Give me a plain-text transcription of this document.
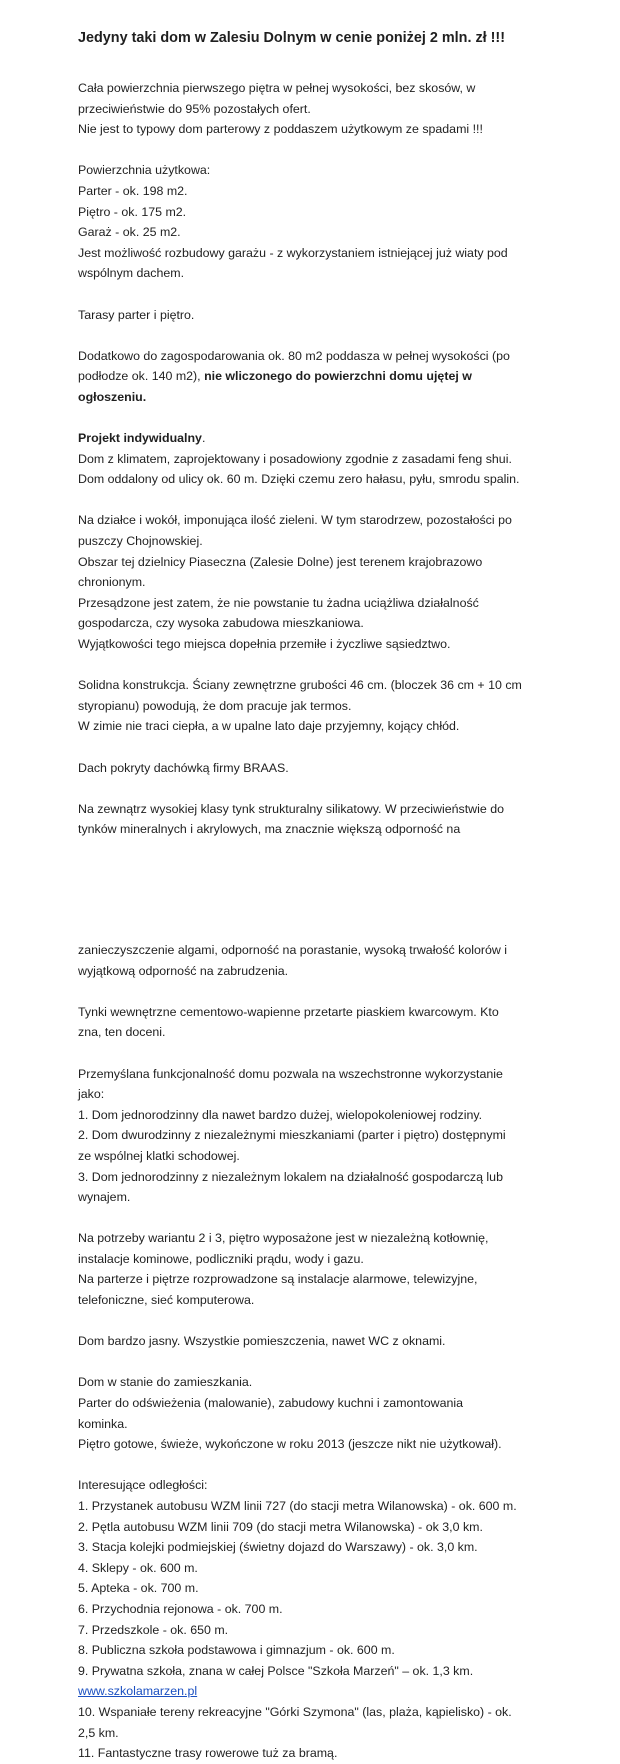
Jedyny taki dom w Zalesiu Dolnym w cenie poniżej 2 mln. zł !!!
Cała powierzchnia pierwszego piętra w pełnej wysokości, bez skosów, w
przeciwieństwie do 95% pozostałych ofert.
Nie jest to typowy dom parterowy z poddaszem użytkowym ze spadami !!!
Powierzchnia użytkowa:
Parter - ok. 198 m2.
Piętro - ok. 175 m2.
Garaż - ok. 25 m2.
Jest możliwość rozbudowy garażu - z wykorzystaniem istniejącej już wiaty pod
wspólnym dachem.
Tarasy parter i piętro.
Dodatkowo do zagospodarowania ok. 80 m2 poddasza w pełnej wysokości (po
podłodze ok. 140 m2), nie wliczonego do powierzchni domu ujętej w
ogłoszeniu.
Projekt indywidualny.
Dom z klimatem, zaprojektowany i posadowiony zgodnie z zasadami feng shui.
Dom oddalony od ulicy ok. 60 m. Dzięki czemu zero hałasu, pyłu, smrodu spalin.
Na działce i wokół, imponująca ilość zieleni. W tym starodrzew, pozostałości po
puszczy Chojnowskiej.
Obszar tej dzielnicy Piaseczna (Zalesie Dolne) jest terenem krajobrazowo
chronionym.
Przesądzone jest zatem, że nie powstanie tu żadna uciążliwa działalność
gospodarcza, czy wysoka zabudowa mieszkaniowa.
Wyjątkowości tego miejsca dopełnia przemiłe i życzliwe sąsiedztwo.
Solidna konstrukcja. Ściany zewnętrzne grubości 46 cm. (bloczek 36 cm + 10 cm
styropianu) powodują, że dom pracuje jak termos.
W zimie nie traci ciepła, a w upalne lato daje przyjemny, kojący chłód.
Dach pokryty dachówką firmy BRAAS.
Na zewnątrz wysokiej klasy tynk strukturalny silikatowy. W przeciwieństwie do
tynków mineralnych i akrylowych, ma znacznie większą odporność na
zanieczyszczenie algami, odporność na porastanie, wysoką trwałość kolorów i
wyjątkową odporność na zabrudzenia.
Tynki wewnętrzne cementowo-wapienne przetarte piaskiem kwarcowym. Kto
zna, ten doceni.
Przemyślana funkcjonalność domu pozwala na wszechstronne wykorzystanie
jako:
1. Dom jednorodzinny dla nawet bardzo dużej, wielopokoleniowej rodziny.
2. Dom dwurodzinny z niezależnymi mieszkaniami (parter i piętro) dostępnymi
ze wspólnej klatki schodowej.
3. Dom jednorodzinny z niezależnym lokalem na działalność gospodarczą lub
wynajem.
Na potrzeby wariantu 2 i 3, piętro wyposażone jest w niezależną kotłownię,
instalacje kominowe, podliczniki prądu, wody i gazu.
Na parterze i piętrze rozprowadzone są instalacje alarmowe, telewizyjne,
telefoniczne, sieć komputerowa.
Dom bardzo jasny. Wszystkie pomieszczenia, nawet WC z oknami.
Dom w stanie do zamieszkania.
Parter do odświeżenia (malowanie), zabudowy kuchni i zamontowania
kominka.
Piętro gotowe, świeże, wykończone w roku 2013 (jeszcze nikt nie użytkował).
Interesujące odległości:
1. Przystanek autobusu WZM linii 727 (do stacji metra Wilanowska) - ok. 600 m.
2. Pętla autobusu WZM linii 709 (do stacji metra Wilanowska) - ok 3,0 km.
3. Stacja kolejki podmiejskiej (świetny dojazd do Warszawy) - ok. 3,0 km.
4. Sklepy - ok. 600 m.
5. Apteka - ok. 700 m.
6. Przychodnia rejonowa - ok. 700 m.
7. Przedszkole - ok. 650 m.
8. Publiczna szkoła podstawowa i gimnazjum - ok. 600 m.
9. Prywatna szkoła, znana w całej Polsce "Szkoła Marzeń" – ok. 1,3 km.
www.szkolamarzen.pl
10. Wspaniałe tereny rekreacyjne "Górki Szymona" (las, plaża, kąpielisko) - ok.
2,5 km.
11. Fantastyczne trasy rowerowe tuż za bramą.
